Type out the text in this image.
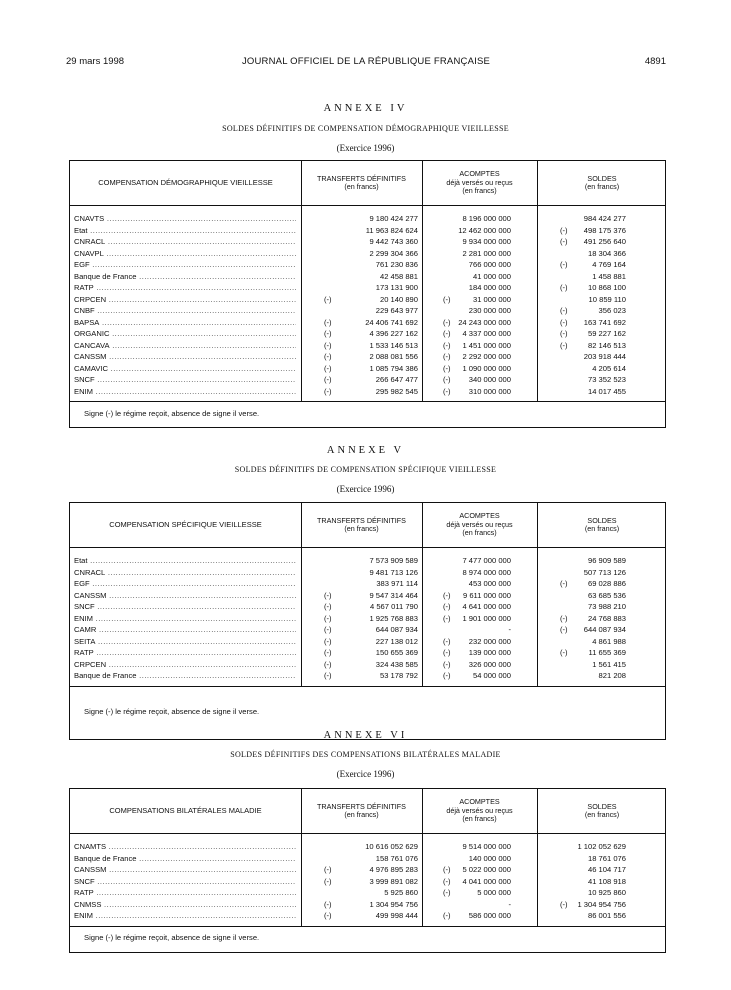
29 mars 1998	JOURNAL OFFICIEL DE LA RÉPUBLIQUE FRANÇAISE	4891
ANNEXE IV
SOLDES DÉFINITIFS DE COMPENSATION DÉMOGRAPHIQUE VIEILLESSE
(Exercice 1996)
COMPENSATION DÉMOGRAPHIQUE VIEILLESSE	TRANSFERTS DÉFINITIFS
(en francs)
ACOMPTES
déjà versés ou reçus
(en francs)
SOLDES
(en francs)
CNAVTS .....	9 180 424 277	8 196 000 000	984 424 277
Etat .....	11 963 824 624	12 462 000 000	(-) 498 175 376
CNRACL .....	9 442 743 360	9 934 000 000	(-) 491 256 640
CNAVPL .....	2 299 304 366	2 281 000 000	18 304 366
EGF .....	761 230 836	766 000 000	(-)	4 769 164
Banque de France .....	42 458 881	41 000 000	1 458 881
RATP .....	173 131 900	184 000 000	(-)	10 868 100
CRPCEN .....	(-)	20 140 890	(-)	31 000 000	10 859 110
CNBF .....	229 643 977	230 000 000	(-)	356 023
BAPSA .....	(-)	24 406 741 692	(-) 24 243 000 000	(-) 163 741 692
ORGANIC .....	(-)	4 396 227 162	(-) 4 337 000 000	(-)	59 227 162
CANCAVA .....	(-)	1 533 146 513	(-) 1 451 000 000	(-)	82 146 513
CANSSM .....	(-)	2 088 081 556	(-) 2 292 000 000	203 918 444
CAMAVIC .....	(-)	1 085 794 386	(-) 1 090 000 000	4 205 614
SNCF .....	(-)	266 647 477	(-) 340 000 000	73 352 523
ENIM .....	(-)	295 982 545	(-) 310 000 000	14 017 455
Signe (-) le régime reçoit, absence de signe il verse.
ANNEXE V
SOLDES DÉFINITIFS DE COMPENSATION SPÉCIFIQUE VIEILLESSE
(Exercice 1996)
COMPENSATION SPÉCIFIQUE VIEILLESSE	TRANSFERTS DÉFINITIFS
(en francs)
ACOMPTES
déjà versés ou reçus
(en francs)
SOLDES
(en francs)
Etat .....	7 573 909 589	7 477 000 000	96 909 589
CNRACL .....	9 481 713 126	8 974 000 000	507 713 126
EGF .....	383 971 114	453 000 000	(-)	69 028 886
CANSSM .....	(-)	9 547 314 464	(-) 9 611 000 000	63 685 536
SNCF .....	(-)	4 567 011 790	(-) 4 641 000 000	73 988 210
ENIM .....	(-)	1 925 768 883	(-) 1 901 000 000	(-)	24 768 883
CAMR .....	(-)	644 087 934	-	(-) 644 087 934
SEITA .....	(-)	227 138 012	(-) 232 000 000	4 861 988
RATP .....	(-)	150 655 369	(-) 139 000 000	(-)	11 655 369
CRPCEN .....	(-)	324 438 585	(-) 326 000 000	1 561 415
Banque de France .....	(-)	53 178 792	(-)	54 000 000	821 208
Signe (-) le régime reçoit, absence de signe il verse.
ANNEXE VI
SOLDES DÉFINITIFS DES COMPENSATIONS BILATÉRALES MALADIE
(Exercice 1996)
COMPENSATIONS BILATÉRALES MALADIE	TRANSFERTS DÉFINITIFS
(en francs)
ACOMPTES
déjà versés ou reçus
(en francs)
SOLDES
(en francs)
CNAMTS .....	10 616 052 629	9 514 000 000	1 102 052 629
Banque de France .....	158 761 076	140 000 000	18 761 076
CANSSM .....	(-)	4 976 895 283	(-) 5 022 000 000	46 104 717
SNCF .....	(-)	3 999 891 082	(-) 4 041 000 000	41 108 918
RATP .....	5 925 860	(-)	5 000 000	10 925 860
CNMSS .....	(-)	1 304 954 756	-	(-) 1 304 954 756
ENIM .....	(-)	499 998 444	(-) 586 000 000	86 001 556
Signe (-) le régime reçoit, absence de signe il verse.
